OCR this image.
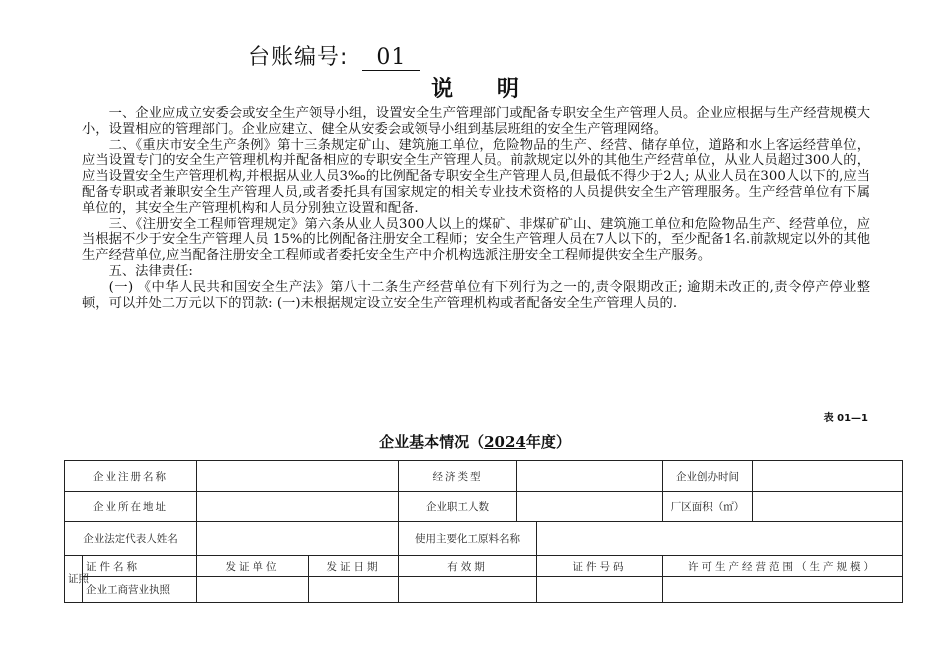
台账编号: 01
说 明

一、企业应成立安委会或安全生产领导小组，设置安全生产管理部门或配备专职安全生产管理人员。企业应根据与生产经营规模大小，设置相应的管理部门。企业应建立、健全从安委会或领导小组到基层班组的安全生产管理网络。

二、《重庆市安全生产条例》第十三条规定矿山、建筑施工单位，危险物品的生产、经营、储存单位，道路和水上客运经营单位，应当设置专门的安全生产管理机构并配备相应的专职安全生产管理人员。前款规定以外的其他生产经营单位，从业人员超过300人的，应当设置安全生产管理机构,并根据从业人员3‰的比例配备专职安全生产管理人员,但最低不得少于2人; 从业人员在300人以下的,应当配备专职或者兼职安全生产管理人员,或者委托具有国家规定的相关专业技术资格的人员提供安全生产管理服务。生产经营单位有下属单位的，其安全生产管理机构和人员分别独立设置和配备.

三、《注册安全工程师管理规定》第六条从业人员300人以上的煤矿、非煤矿矿山、建筑施工单位和危险物品生产、经营单位，应当根据不少于安全生产管理人员 15%的比例配备注册安全工程师；安全生产管理人员在7人以下的，至少配备1名.前款规定以外的其他生产经营单位,应当配备注册安全工程师或者委托安全生产中介机构选派注册安全工程师提供安全生产服务。

五、法律责任:

(一) 《中华人民共和国安全生产法》第八十二条生产经营单位有下列行为之一的,责令限期改正; 逾期未改正的,责令停产停业整顿，可以并处二万元以下的罚款: (一)未根据规定设立安全生产管理机构或者配备安全生产管理人员的.

表 01—1
企业基本情况（2024年度）
企业注册名称				经济类型			企业创办时间	
企业所在地址				企业职工人数			厂区面积（㎡）	
企业法定代表人姓名				使用主要化工原料名称				
证照	证件名称	发证单位	发证日期	有效期		证件号码	许可生产经营范围（生产规模）	
	企业工商营业执照							
